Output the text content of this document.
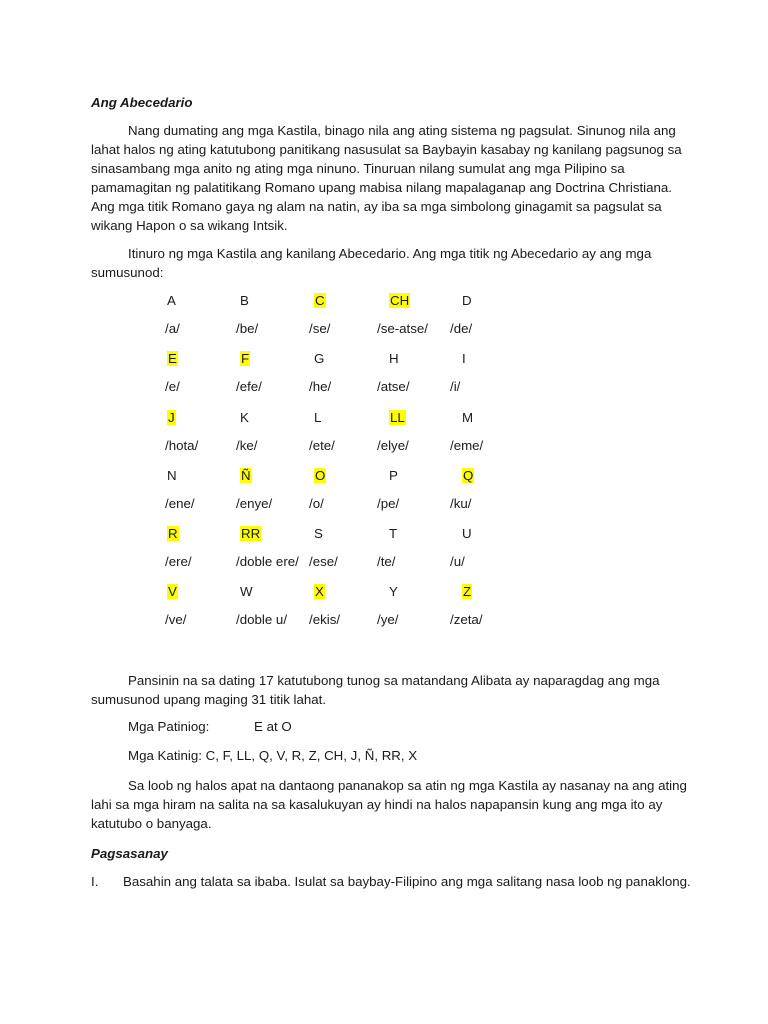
Ang Abecedario
Nang dumating ang mga Kastila, binago nila ang ating sistema ng pagsulat. Sinunog nila ang lahat halos ng ating katutubong panitikang nasusulat sa Baybayin kasabay ng kanilang pagsunog sa sinasambang mga anito ng ating mga ninuno. Tinuruan nilang sumulat ang mga Pilipino sa pamamagitan ng palatitikang Romano upang mabisa nilang mapalaganap ang Doctrina Christiana. Ang mga titik Romano gaya ng alam na natin, ay iba sa mga simbolong ginagamit sa pagsulat sa wikang Hapon o sa wikang Intsik.
Itinuro ng mga Kastila ang kanilang Abecedario. Ang mga titik ng Abecedario ay ang mga sumusunod:
A
/a/
B
/be/
C
/se/
CH
/se-atse/
D
/de/
E
/e/
F
/efe/
G
/he/
H
/atse/
I
/i/
J
/hota/
K
/ke/
L
/ete/
LL
/elye/
M
/eme/
N
/ene/
Ñ
/enye/
O
/o/
P
/pe/
Q
/ku/
R
/ere/
RR
/doble ere/
S
/ese/
T
/te/
U
/u/
V
/ve/
W
/doble u/
X
/ekis/
Y
/ye/
Z
/zeta/
Pansinin na sa dating 17 katutubong tunog sa matandang Alibata ay naparagdag ang mga sumusunod upang maging 31 titik lahat.
Mga Patiniog:	E at O
Mga Katinig: C, F, LL, Q, V, R, Z, CH, J, Ñ, RR, X
Sa loob ng halos apat na dantaong pananakop sa atin ng mga Kastila ay nasanay na ang ating lahi sa mga hiram na salita na sa kasalukuyan ay hindi na halos napapansin kung ang mga ito ay katutubo o banyaga.
Pagsasanay
I. Basahin ang talata sa ibaba. Isulat sa baybay-Filipino ang mga salitang nasa loob ng panaklong.
